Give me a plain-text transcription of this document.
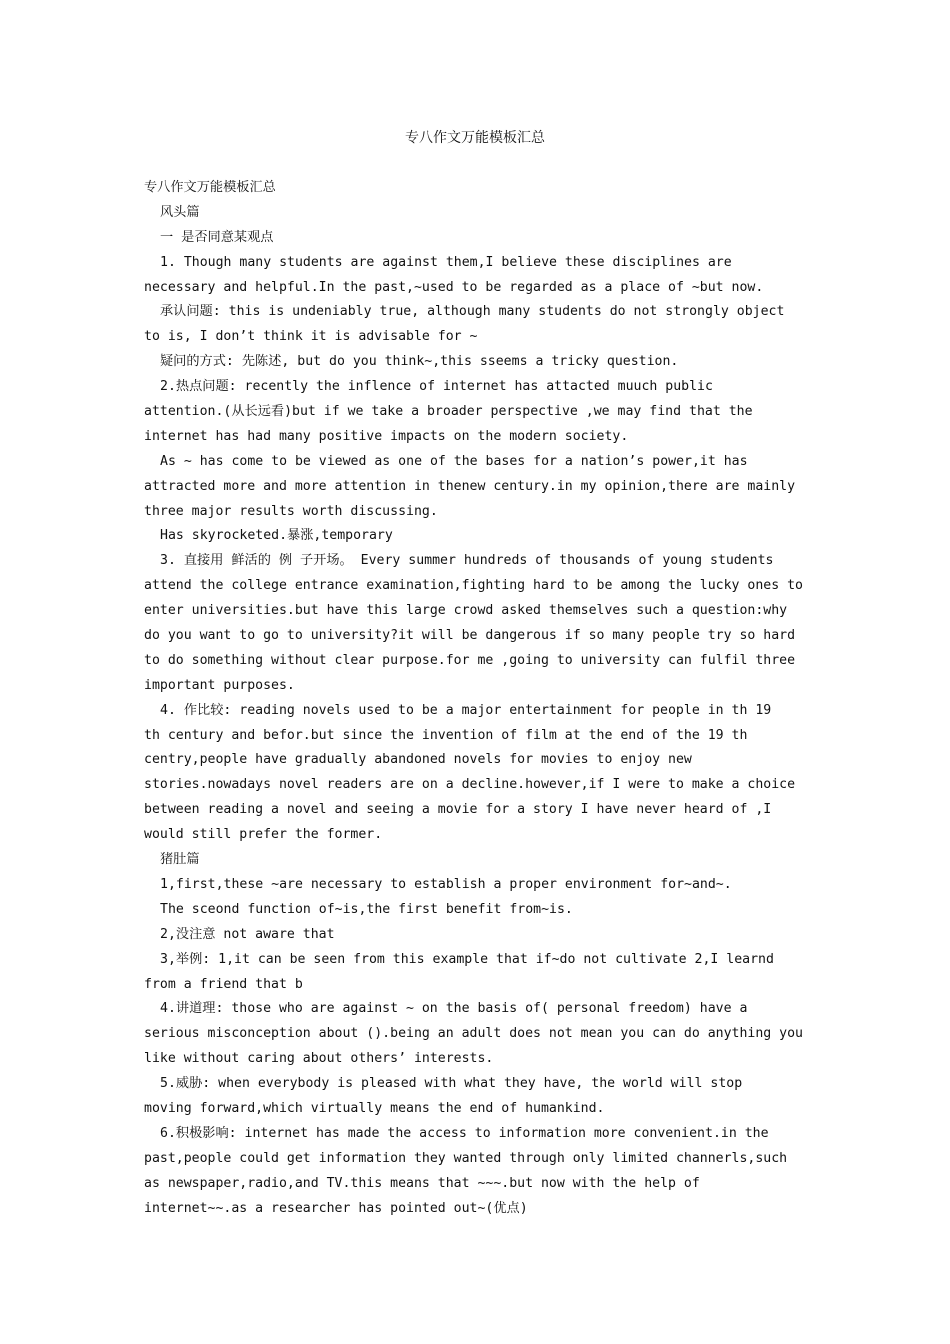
专八作文万能模板汇总
专八作文万能模板汇总
风头篇
一 是否同意某观点
1. Though many students are against them,I believe these disciplines are
necessary and helpful.In the past,~used to be regarded as a place of ~but now.
承认问题: this is undeniably true, although many students do not strongly object
to is, I don’t think it is advisable for ~
疑问的方式: 先陈述, but do you think~,this sseems a tricky question.
2.热点问题: recently the inflence of internet has attacted muuch public
attention.(从长远看)but if we take a broader perspective ,we may find that the
internet has had many positive impacts on the modern society.
As ~ has come to be viewed as one of the bases for a nation’s power,it has
attracted more and more attention in thenew century.in my opinion,there are mainly
three major results worth discussing.
Has skyrocketed.暴涨,temporary
3. 直接用 鲜活的 例 子开场。 Every summer hundreds of thousands of young students
attend the college entrance examination,fighting hard to be among the lucky ones to
enter universities.but have this large crowd asked themselves such a question:why
do you want to go to university?it will be dangerous if so many people try so hard
to do something without clear purpose.for me ,going to university can fulfil three
important purposes.
4. 作比较: reading novels used to be a major entertainment for people in th 19
th century and befor.but since the invention of film at the end of the 19 th
centry,people have gradually abandoned novels for movies to enjoy new
stories.nowadays novel readers are on a decline.however,if I were to make a choice
between reading a novel and seeing a movie for a story I have never heard of ,I
would still prefer the former.
猪肚篇
1,first,these ~are necessary to establish a proper environment for~and~.
The sceond function of~is,the first benefit from~is.
2,没注意 not aware that
3,举例: 1,it can be seen from this example that if~do not cultivate 2,I learnd
from a friend that b
4.讲道理: those who are against ~ on the basis of( personal freedom) have a
serious misconception about ().being an adult does not mean you can do anything you
like without caring about others’ interests.
5.威胁: when everybody is pleased with what they have, the world will stop
moving forward,which virtually means the end of humankind.
6.积极影响: internet has made the access to information more convenient.in the
past,people could get information they wanted through only limited channerls,such
as newspaper,radio,and TV.this means that ~~~.but now with the help of
internet~~.as a researcher has pointed out~(优点)
